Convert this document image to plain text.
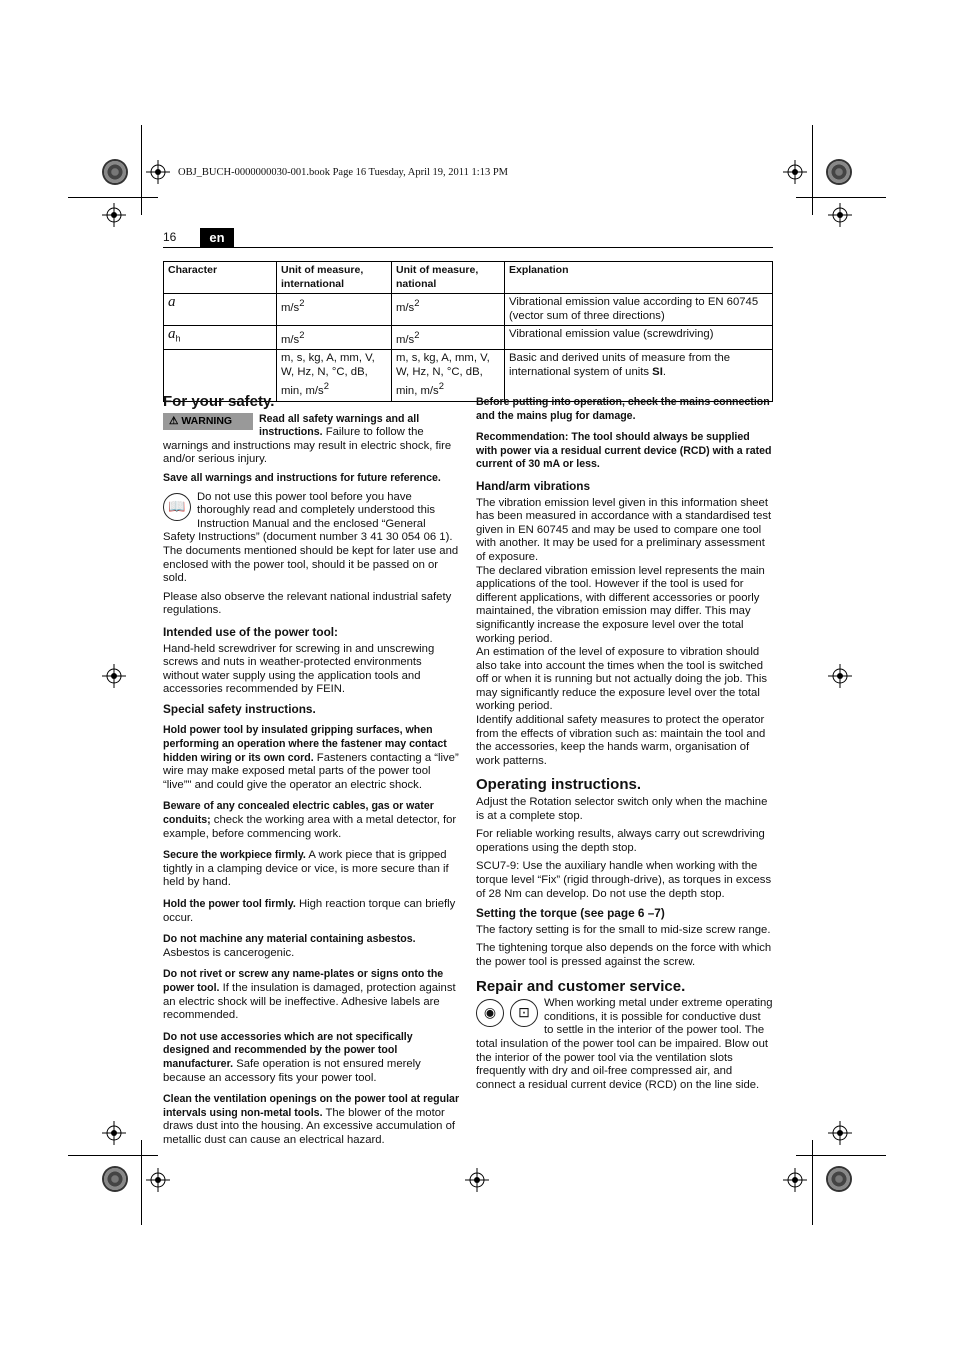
OBJ_BUCH-0000000030-001.book Page 16 Tuesday, April 19, 2011 1:13 PM
16	en
Character	Unit of measure, international	Unit of measure, national	Explanation
a	$m/s^2$	$m/s^2$	Vibrational emission value according to EN 60745 (vector sum of three directions)
$a_h$	$m/s^2$	$m/s^2$	Vibrational emission value (screwdriving)
	m, s, kg, A, mm, V, W, Hz, N, °C, dB, min, $m/s^2$	m, s, kg, A, mm, V, W, Hz, N, °C, dB, min, $m/s^2$	Basic and derived units of measure from the international system of units SI.
For your safety.

⚠ WARNING	Read all safety warnings and all instructions. Failure to follow the warnings and instructions may result in electric shock, fire and/or serious injury.

Save all warnings and instructions for future reference.

📖
Do not use this power tool before you have thoroughly read and completely understood this Instruction Manual and the enclosed “General Safety Instructions” (document number 3 41 30 054 06 1). The documents mentioned should be kept for later use and enclosed with the power tool, should it be passed on or sold.

Please also observe the relevant national industrial safety regulations.

Intended use of the power tool:

Hand-held screwdriver for screwing in and unscrewing screws and nuts in weather-protected environments without water supply using the application tools and accessories recommended by FEIN.

Special safety instructions.

Hold power tool by insulated gripping surfaces, when performing an operation where the fastener may contact hidden wiring or its own cord. Fasteners contacting a “live” wire may make exposed metal parts of the power tool “live”" and could give the operator an electric shock.

Beware of any concealed electric cables, gas or water conduits; check the working area with a metal detector, for example, before commencing work.

Secure the workpiece firmly. A work piece that is gripped tightly in a clamping device or vice, is more secure than if held by hand.

Hold the power tool firmly. High reaction torque can briefly occur.

Do not machine any material containing asbestos. Asbestos is cancerogenic.

Do not rivet or screw any name-plates or signs onto the power tool. If the insulation is damaged, protection against an electric shock will be ineffective. Adhesive labels are recommended.

Do not use accessories which are not specifically designed and recommended by the power tool manufacturer. Safe operation is not ensured merely because an accessory fits your power tool.

Clean the ventilation openings on the power tool at regular intervals using non-metal tools. The blower of the motor draws dust into the housing. An excessive accumulation of metallic dust can cause an electrical hazard.

Before putting into operation, check the mains connection and the mains plug for damage.

Recommendation: The tool should always be supplied with power via a residual current device (RCD) with a rated current of 30 mA or less.

Hand/arm vibrations

The vibration emission level given in this information sheet has been measured in accordance with a standardised test given in EN 60745 and may be used to compare one tool with another. It may be used for a preliminary assessment of exposure.

The declared vibration emission level represents the main applications of the tool. However if the tool is used for different applications, with different accessories or poorly maintained, the vibration emission may differ. This may significantly increase the exposure level over the total working period.

An estimation of the level of exposure to vibration should also take into account the times when the tool is switched off or when it is running but not actually doing the job. This may significantly reduce the exposure level over the total working period.

Identify additional safety measures to protect the operator from the effects of vibration such as: maintain the tool and the accessories, keep the hands warm, organisation of work patterns.

Operating instructions.

Adjust the Rotation selector switch only when the machine is at a complete stop.

For reliable working results, always carry out screwdriving operations using the depth stop.

SCU7-9: Use the auxiliary handle when working with the torque level “Fix” (rigid through-drive), as torques in excess of 28 Nm can develop. Do not use the depth stop.

Setting the torque (see page 6 –7)

The factory setting is for the small to mid-size screw range.

The tightening torque also depends on the force with which the power tool is pressed against the screw.

Repair and customer service.

◉	⊡
When working metal under extreme operating conditions, it is possible for conductive dust to settle in the interior of the power tool. The total insulation of the power tool can be impaired. Blow out the interior of the power tool via the ventilation slots frequently with dry and oil-free compressed air, and connect a residual current device (RCD) on the line side.
